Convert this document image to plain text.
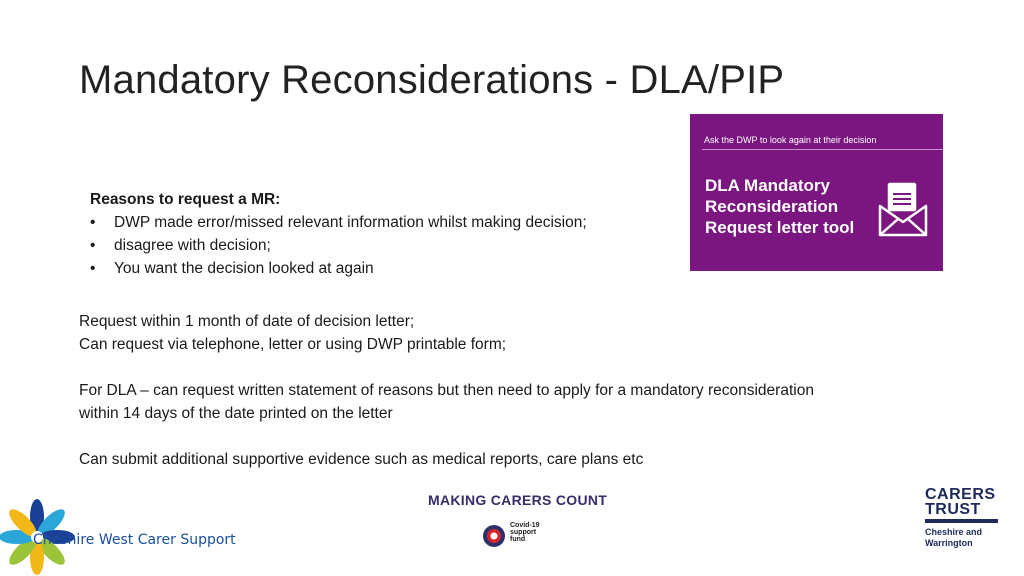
Mandatory Reconsiderations - DLA/PIP
Reasons to request a MR:
• DWP made error/missed relevant information whilst making decision;
• disagree with decision;
• You want the decision looked at again

Request within 1 month of date of decision letter;

Can request via telephone, letter or using DWP printable form;

For DLA – can request written statement of reasons but then need to apply for a mandatory reconsideration

within 14 days of the date printed on the letter

Can submit additional supportive evidence such as medical reports, care plans etc

Ask the DWP to look again at their decision
DLA Mandatory
Reconsideration
Request letter tool
Cheshire West Carer Support
MAKING CARERS COUNT
Covid-19
support
fund
CARERS
TRUST
Cheshire and
Warrington
